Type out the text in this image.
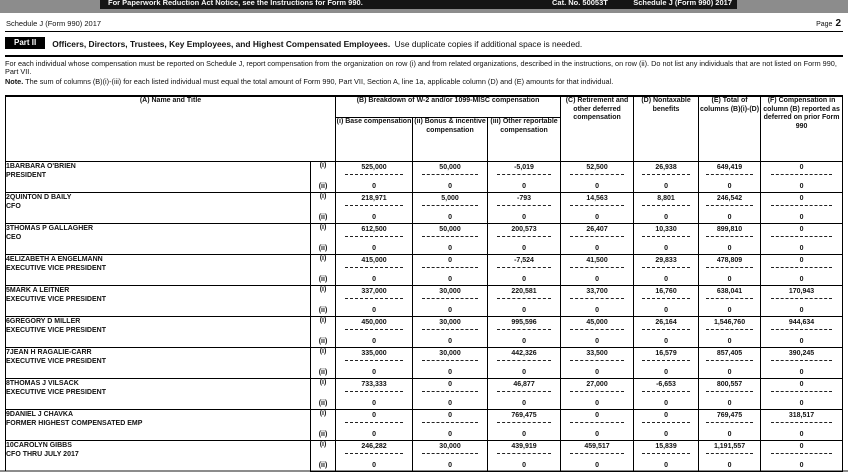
For Paperwork Reduction Act Notice, see the Instructions for Form 990.	Cat. No. 50053T	Schedule J (Form 990) 2017
Schedule J (Form 990) 2017	Page 2
Part II	Officers, Directors, Trustees, Key Employees, and Highest Compensated Employees. Use duplicate copies if additional space is needed.
For each individual whose compensation must be reported on Schedule J, report compensation from the organization on row (i) and from related organizations, described in the instructions, on row (ii). Do not list any individuals that are not listed on Form 990, Part VII.
Note. The sum of columns (B)(i)-(iii) for each listed individual must equal the total amount of Form 990, Part VII, Section A, line 1a, applicable column (D) and (E) amounts for that individual.
(A) Name and Title		(B) Breakdown of W-2 and/or 1099-MISC compensation			(C) Retirement and other deferred compensation	(D) Nontaxable benefits	(E) Total of columns (B)(i)-(D)	(F) Compensation in column (B) reported as deferred on prior Form 990
		(i) Base compensation	(ii) Bonus & incentive compensation	(iii) Other reportable compensation				

1BARBARA O'BRIEN
PRESIDENT	(i)	525,000	50,000	-5,019	52,500	26,938	649,419	0

	(ii)	0	0	0	0	0	0	0

2QUINTON D BAILY
CFO	(i)	218,971	5,000	-793	14,563	8,801	246,542	0

	(ii)	0	0	0	0	0	0	0

3THOMAS P GALLAGHER
CEO	(i)	612,500	50,000	200,573	26,407	10,330	899,810	0

	(ii)	0	0	0	0	0	0	0

4ELIZABETH A ENGELMANN
EXECUTIVE VICE PRESIDENT	(i)	415,000	0	-7,524	41,500	29,833	478,809	0

	(ii)	0	0	0	0	0	0	0

5MARK A LEITNER
EXECUTIVE VICE PRESIDENT	(i)	337,000	30,000	220,581	33,700	16,760	638,041	170,943

	(ii)	0	0	0	0	0	0	0

6GREGORY D MILLER
EXECUTIVE VICE PRESIDENT	(i)	450,000	30,000	995,596	45,000	26,164	1,546,760	944,634

	(ii)	0	0	0	0	0	0	0

7JEAN H RAGALIE-CARR
EXECUTIVE VICE PRESIDENT	(i)	335,000	30,000	442,326	33,500	16,579	857,405	390,245

	(ii)	0	0	0	0	0	0	0

8THOMAS J VILSACK
EXECUTIVE VICE PRESIDENT	(i)	733,333	0	46,877	27,000	-6,653	800,557	0

	(ii)	0	0	0	0	0	0	0

9DANIEL J CHAVKA
FORMER HIGHEST COMPENSATED EMP	(i)	0	0	769,475	0	0	769,475	318,517

	(ii)	0	0	0	0	0	0	0

10CAROLYN GIBBS
CFO THRU JULY 2017	(i)	246,282	30,000	439,919	459,517	15,839	1,191,557	0

	(ii)	0	0	0	0	0	0	0
